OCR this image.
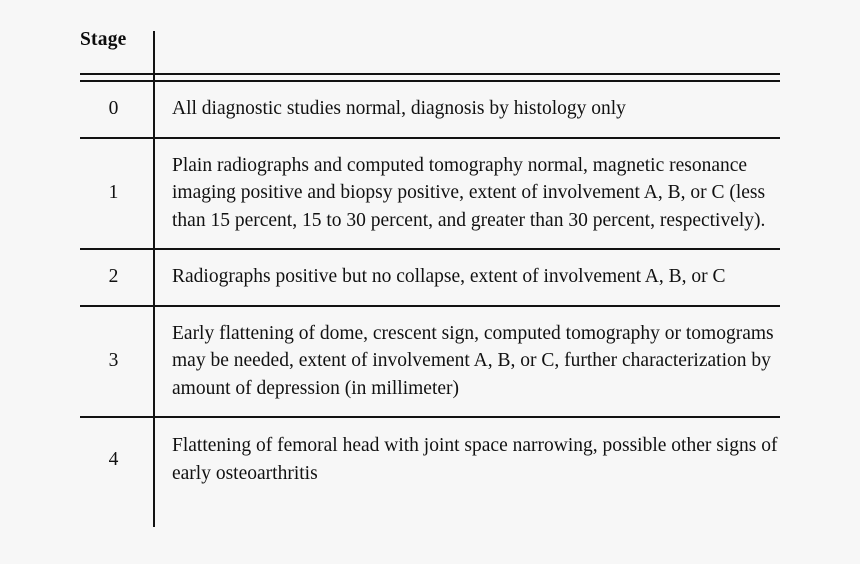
Stage
0	All diagnostic studies normal, diagnosis by histology only

1

Plain radiographs and computed tomography normal, magnetic resonance imaging positive and biopsy positive, extent of involvement A, B, or C (less than 15 percent, 15 to 30 percent, and greater than 30 percent, respectively).

2	Radiographs positive but no collapse, extent of involvement A, B, or C

3

Early flattening of dome, crescent sign, computed tomography or tomograms may be needed, extent of involvement A, B, or C, further characterization by amount of depression (in millimeter)

4

Flattening of femoral head with joint space narrowing, possible other signs of early osteoarthritis
